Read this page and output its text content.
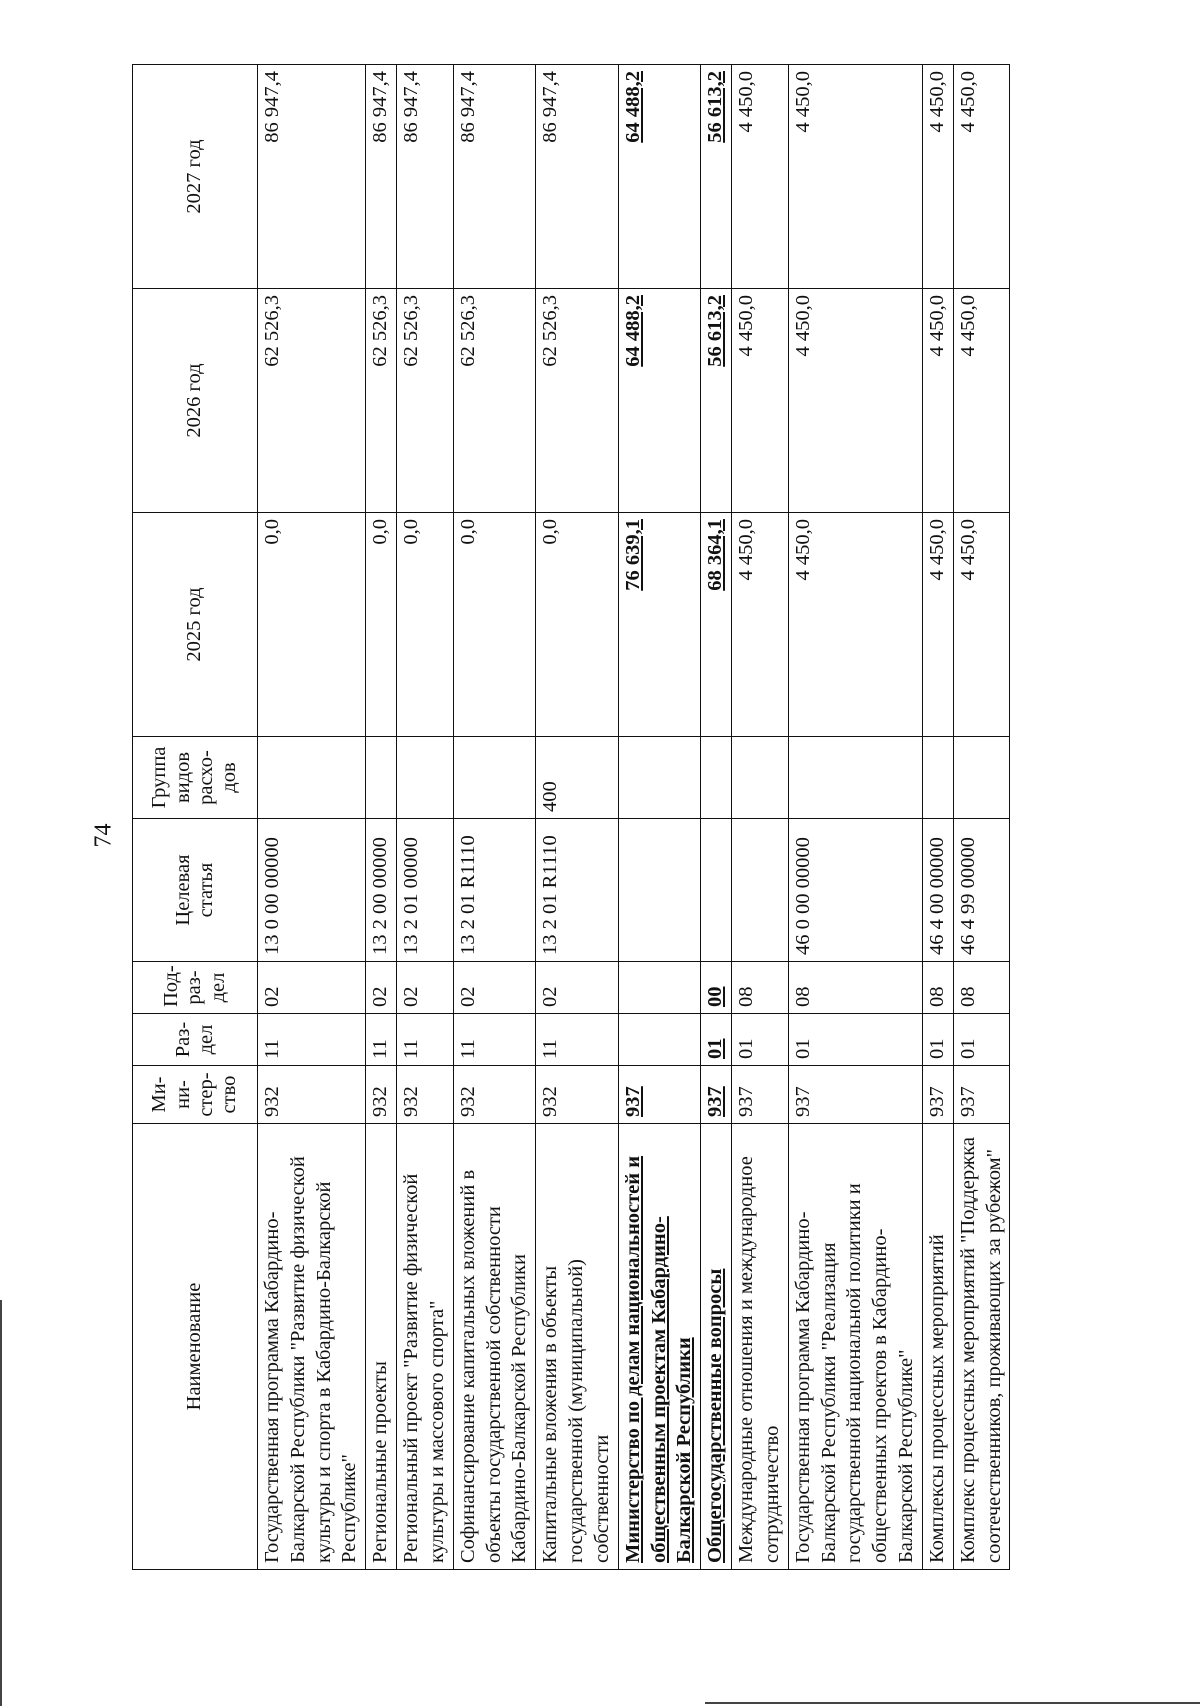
74
Наименование	Ми-ни-стер-ство	Раз-дел	Под-раз-дел	Целевая статья	Группа видов расхо-дов	2025 год	2026 год	2027 год
Государственная программа Кабардино-Балкарской Республики "Развитие физической культуры и спорта в Кабардино-Балкарской Республике"	932	11	02	13 0 00 00000		0,0	62 526,3	86 947,4
Региональные проекты	932	11	02	13 2 00 00000		0,0	62 526,3	86 947,4
Региональный проект "Развитие физической культуры и массового спорта"	932	11	02	13 2 01 00000		0,0	62 526,3	86 947,4
Софинансирование капитальных вложений в объекты государственной собственности Кабардино-Балкарской Республики	932	11	02	13 2 01 R1110		0,0	62 526,3	86 947,4
Капитальные вложения в объекты государственной (муниципальной) собственности	932	11	02	13 2 01 R1110	400	0,0	62 526,3	86 947,4
Министерство по делам национальностей и общественным проектам Кабардино-Балкарской Республики	937					76 639,1	64 488,2	64 488,2
Общегосударственные вопросы	937	01	00			68 364,1	56 613,2	56 613,2
Международные отношения и международное сотрудничество	937	01	08			4 450,0	4 450,0	4 450,0
Государственная программа Кабардино-Балкарской Республики "Реализация государственной национальной политики и общественных проектов в Кабардино-Балкарской Республике"	937	01	08	46 0 00 00000		4 450,0	4 450,0	4 450,0
Комплексы процессных мероприятий	937	01	08	46 4 00 00000		4 450,0	4 450,0	4 450,0
Комплекс процессных мероприятий "Поддержка соотечественников, проживающих за рубежом"	937	01	08	46 4 99 00000		4 450,0	4 450,0	4 450,0
